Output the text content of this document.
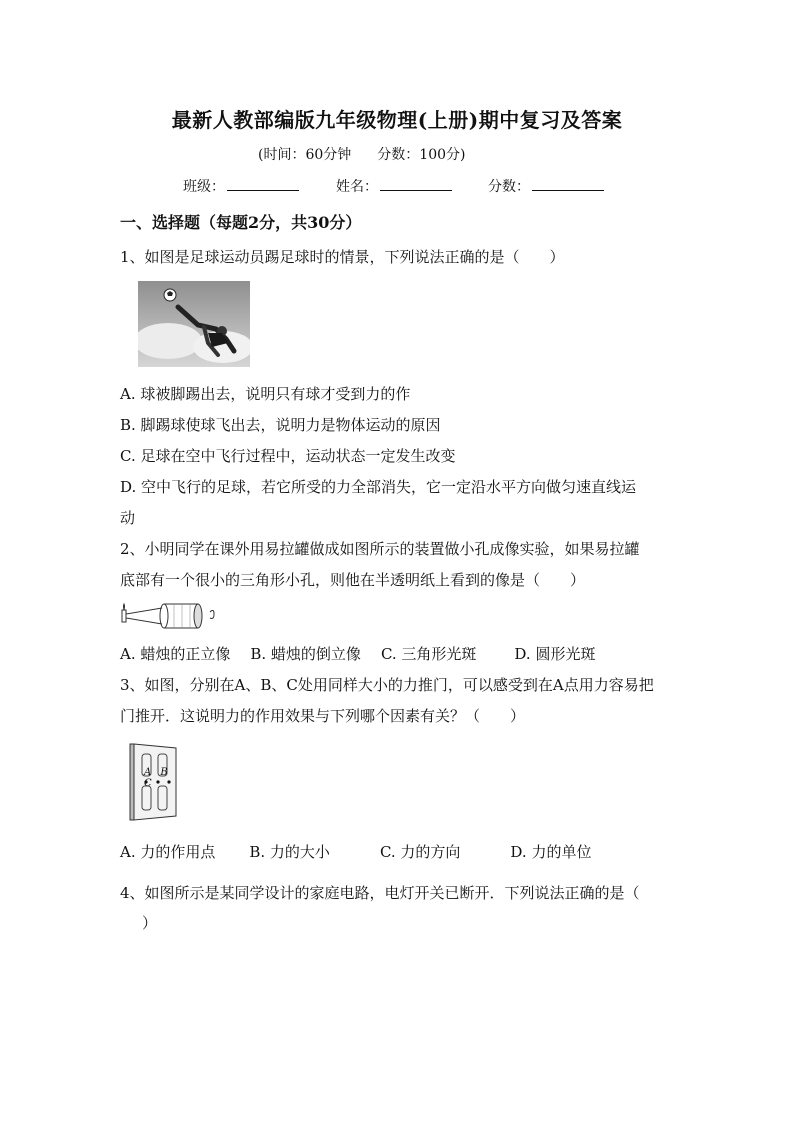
最新人教部编版九年级物理(上册)期中复习及答案
(时间：60分钟 分数：100分)
班级：	姓名：	分数：
一、选择题（每题2分，共30分）
1、如图是足球运动员踢足球时的情景，下列说法正确的是（　　）
A. 球被脚踢出去，说明只有球才受到力的作
B. 脚踢球使球飞出去，说明力是物体运动的原因
C. 足球在空中飞行过程中，运动状态一定发生改变
D. 空中飞行的足球，若它所受的力全部消失，它一定沿水平方向做匀速直线运
动
2、小明同学在课外用易拉罐做成如图所示的装置做小孔成像实验，如果易拉罐
底部有一个很小的三角形小孔，则他在半透明纸上看到的像是（　　）
A. 蜡烛的正立像 B. 蜡烛的倒立像 C. 三角形光斑	D. 圆形光斑
3、如图，分别在A、B、C处用同样大小的力推门，可以感受到在A点用力容易把
门推开．这说明力的作用效果与下列哪个因素有关？（　　）
A B C
A. 力的作用点 B. 力的大小	C. 力的方向	D. 力的单位
4、如图所示是某同学设计的家庭电路，电灯开关已断开．下列说法正确的是（
）
